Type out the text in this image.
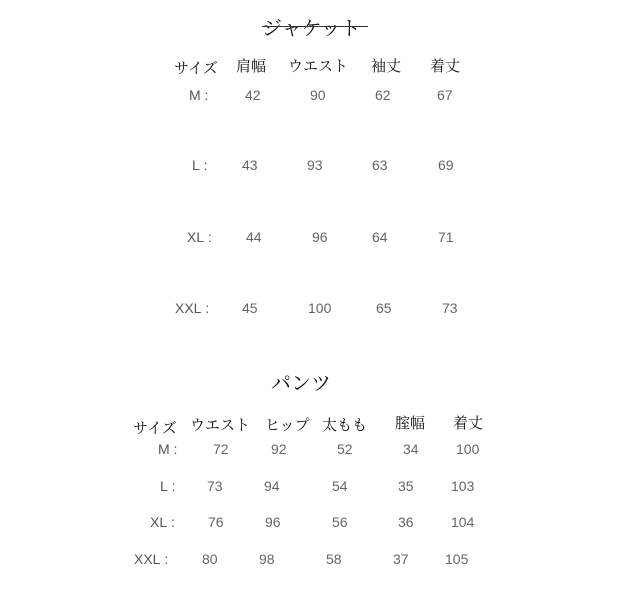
ジャケット
サイズ 肩幅 ウエスト 袖丈 着丈
M :	42	90	62	67
L : 43	93	63	69
XL : 44	96	64	71
XXL : 45	100	65	73
パンツ
サイズ ウエスト ヒップ 太もも 腟幅 着丈
M :	72	92	52	34	100
L : 73	94	54	35	103
XL : 76	96	56	36	104
XXL : 80	98	58	37	105
